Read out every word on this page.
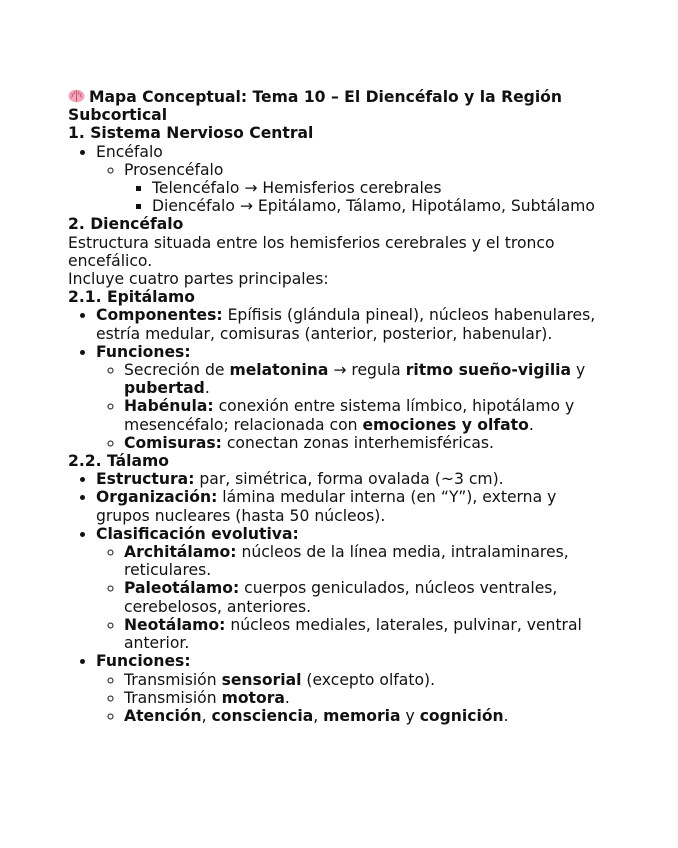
Mapa Conceptual: Tema 10 – El Diencéfalo y la Región Subcortical
1. Sistema Nervioso Central
• Encéfalo
◦ Prosencéfalo
▪ Telencéfalo → Hemisferios cerebrales
▪ Diencéfalo → Epitálamo, Tálamo, Hipotálamo, Subtálamo
2. Diencéfalo

Estructura situada entre los hemisferios cerebrales y el tronco encefálico.

Incluye cuatro partes principales:

2.1. Epitálamo
• Componentes: Epífisis (glándula pineal), núcleos habenulares, estría medular, comisuras (anterior, posterior, habenular).
• Funciones:
◦ Secreción de melatonina → regula ritmo sueño-vigilia y pubertad.
◦ Habénula: conexión entre sistema límbico, hipotálamo y mesencéfalo; relacionada con emociones y olfato.
◦ Comisuras: conectan zonas interhemisféricas.
2.2. Tálamo
• Estructura: par, simétrica, forma ovalada (~3 cm).
• Organización: lámina medular interna (en “Y”), externa y grupos nucleares (hasta 50 núcleos).
• Clasificación evolutiva:
◦ Architálamo: núcleos de la línea media, intralaminares, reticulares.
◦ Paleotálamo: cuerpos geniculados, núcleos ventrales, cerebelosos, anteriores.
◦ Neotálamo: núcleos mediales, laterales, pulvinar, ventral anterior.
• Funciones:
◦ Transmisión sensorial (excepto olfato).
◦ Transmisión motora.
◦ Atención, consciencia, memoria y cognición.
